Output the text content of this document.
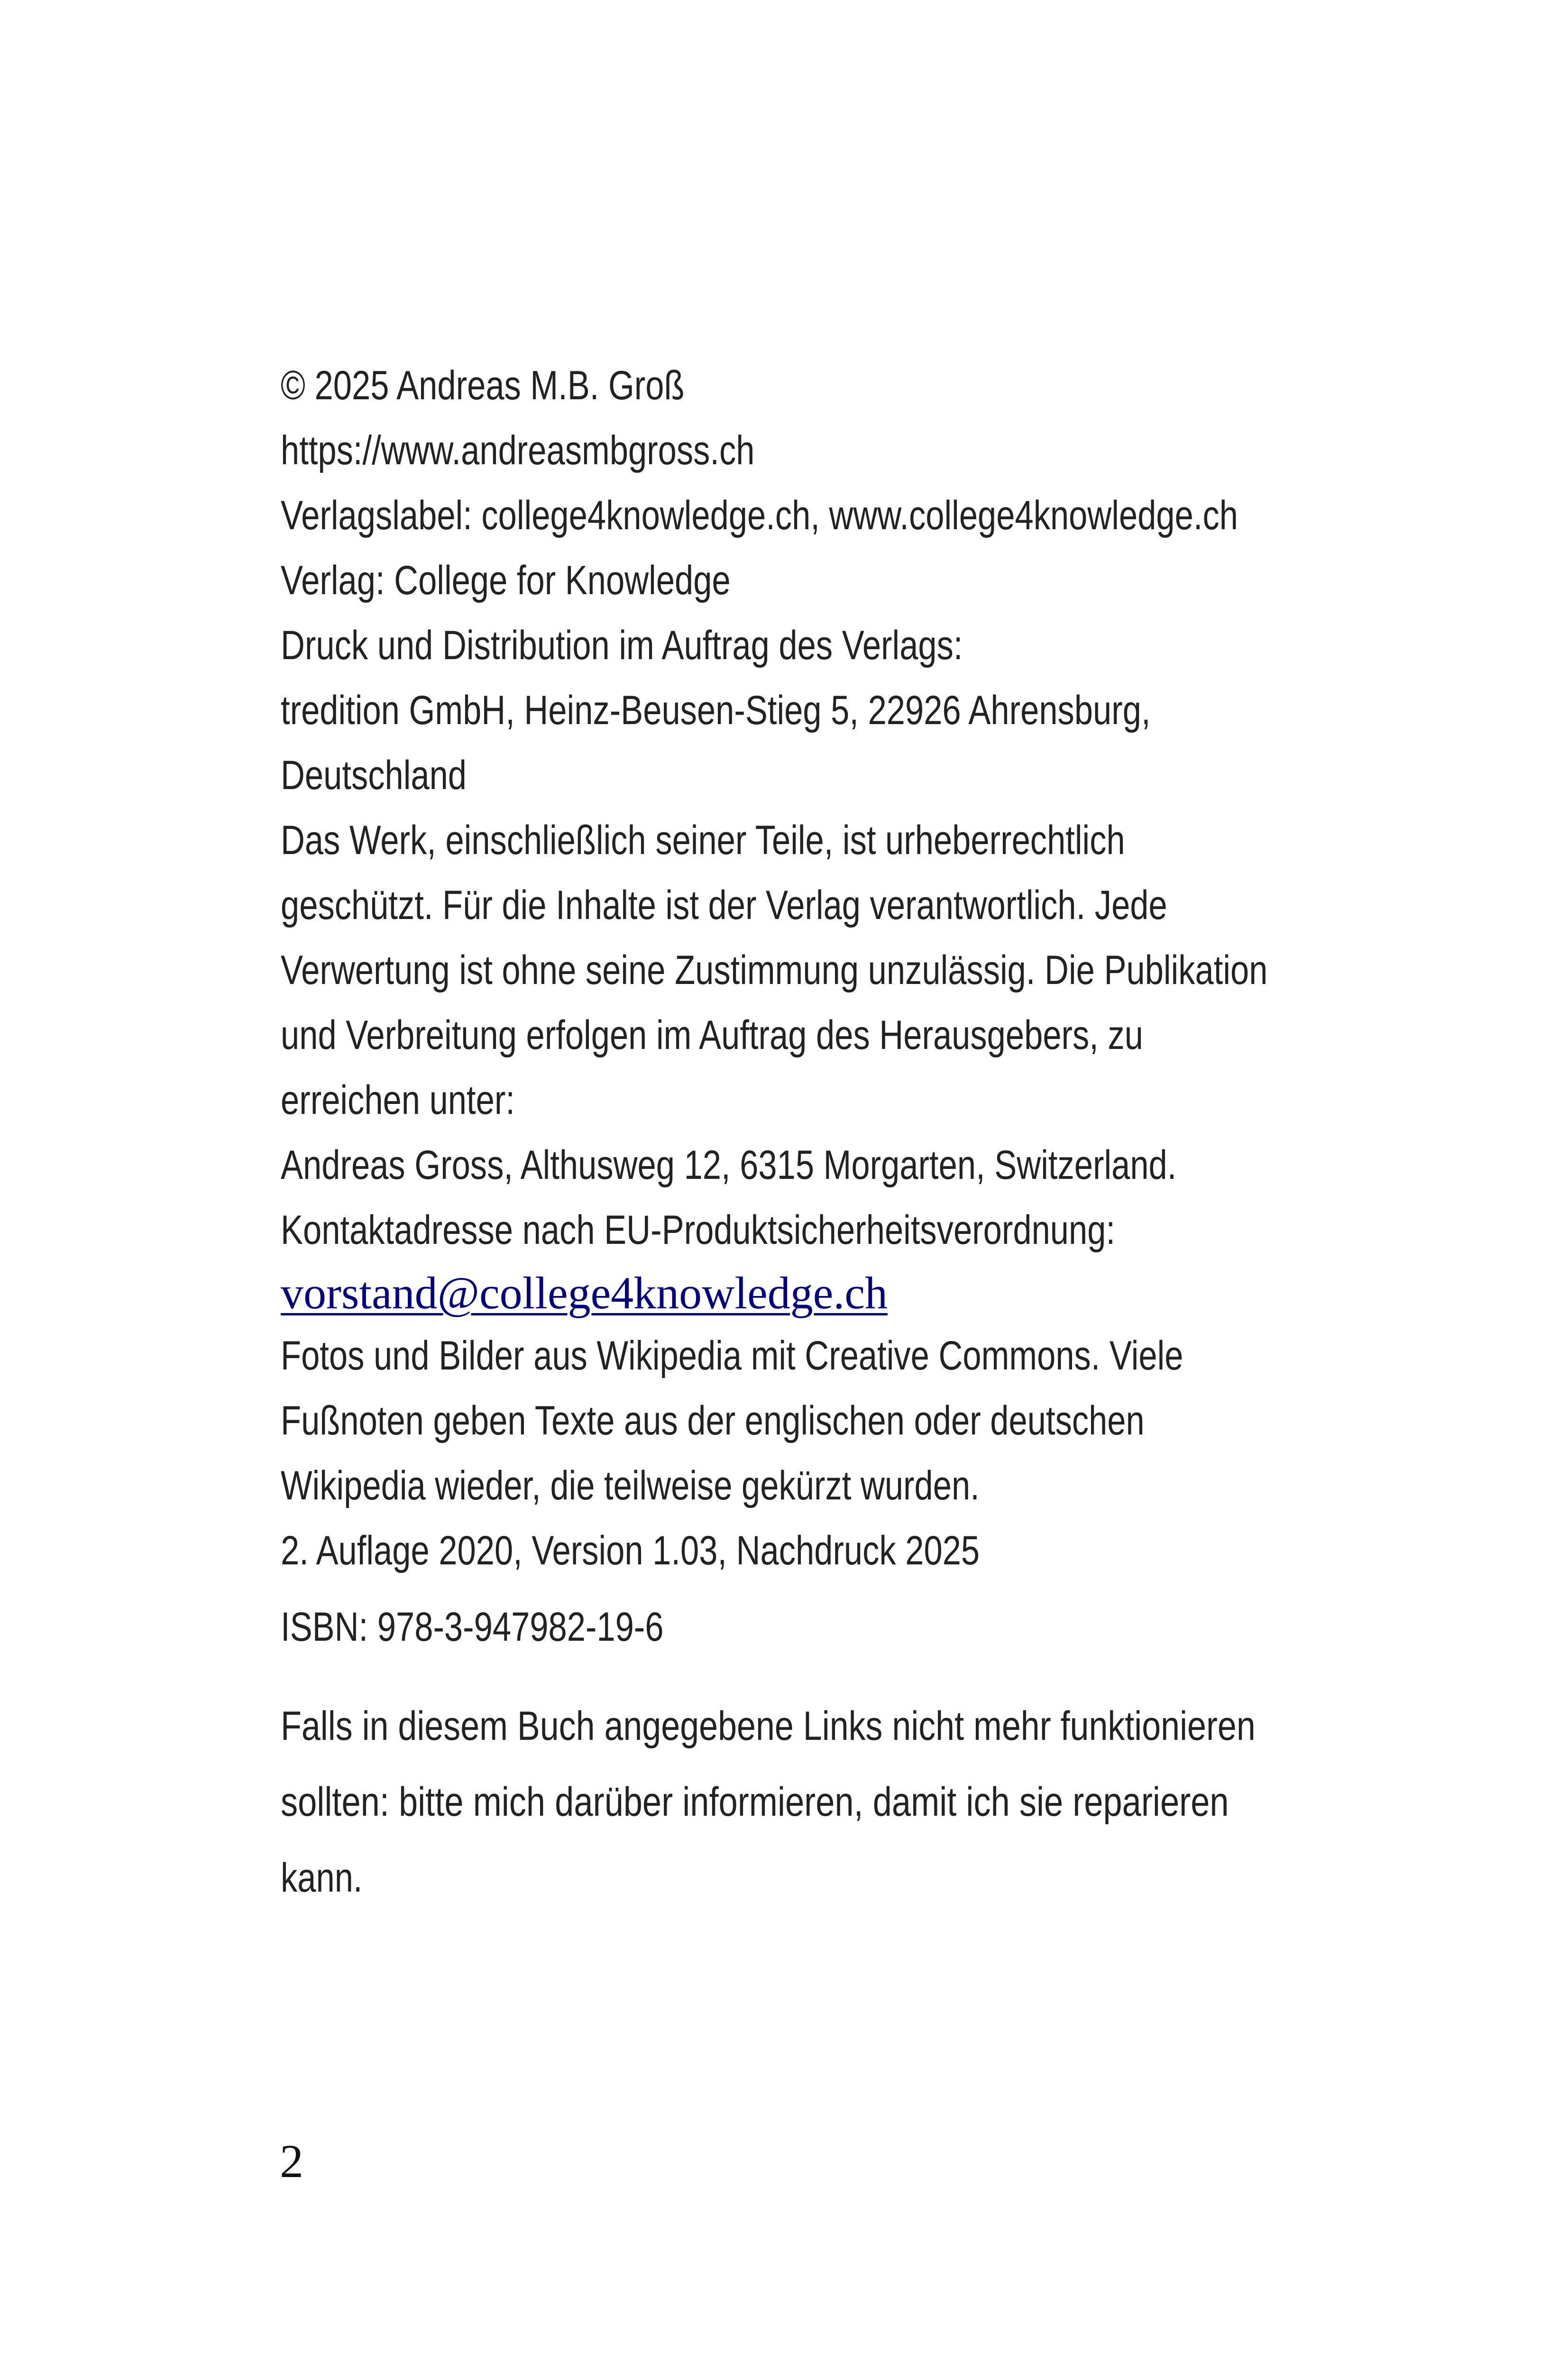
© 2025 Andreas M.B. Groß
https://www.andreasmbgross.ch
Verlagslabel: college4knowledge.ch, www.college4knowledge.ch
Verlag: College for Knowledge
Druck und Distribution im Auftrag des Verlags:
tredition GmbH, Heinz-Beusen-Stieg 5, 22926 Ahrensburg,
Deutschland
Das Werk, einschließlich seiner Teile, ist urheberrechtlich
geschützt. Für die Inhalte ist der Verlag verantwortlich. Jede
Verwertung ist ohne seine Zustimmung unzulässig. Die Publikation
und Verbreitung erfolgen im Auftrag des Herausgebers, zu
erreichen unter:
Andreas Gross, Althusweg 12, 6315 Morgarten, Switzerland.
Kontaktadresse nach EU-Produktsicherheitsverordnung:
vorstand@college4knowledge.ch
Fotos und Bilder aus Wikipedia mit Creative Commons. Viele
Fußnoten geben Texte aus der englischen oder deutschen
Wikipedia wieder, die teilweise gekürzt wurden.
2. Auflage 2020, Version 1.03, Nachdruck 2025
ISBN: 978-3-947982-19-6
Falls in diesem Buch angegebene Links nicht mehr funktionieren
sollten: bitte mich darüber informieren, damit ich sie reparieren
kann.
2
